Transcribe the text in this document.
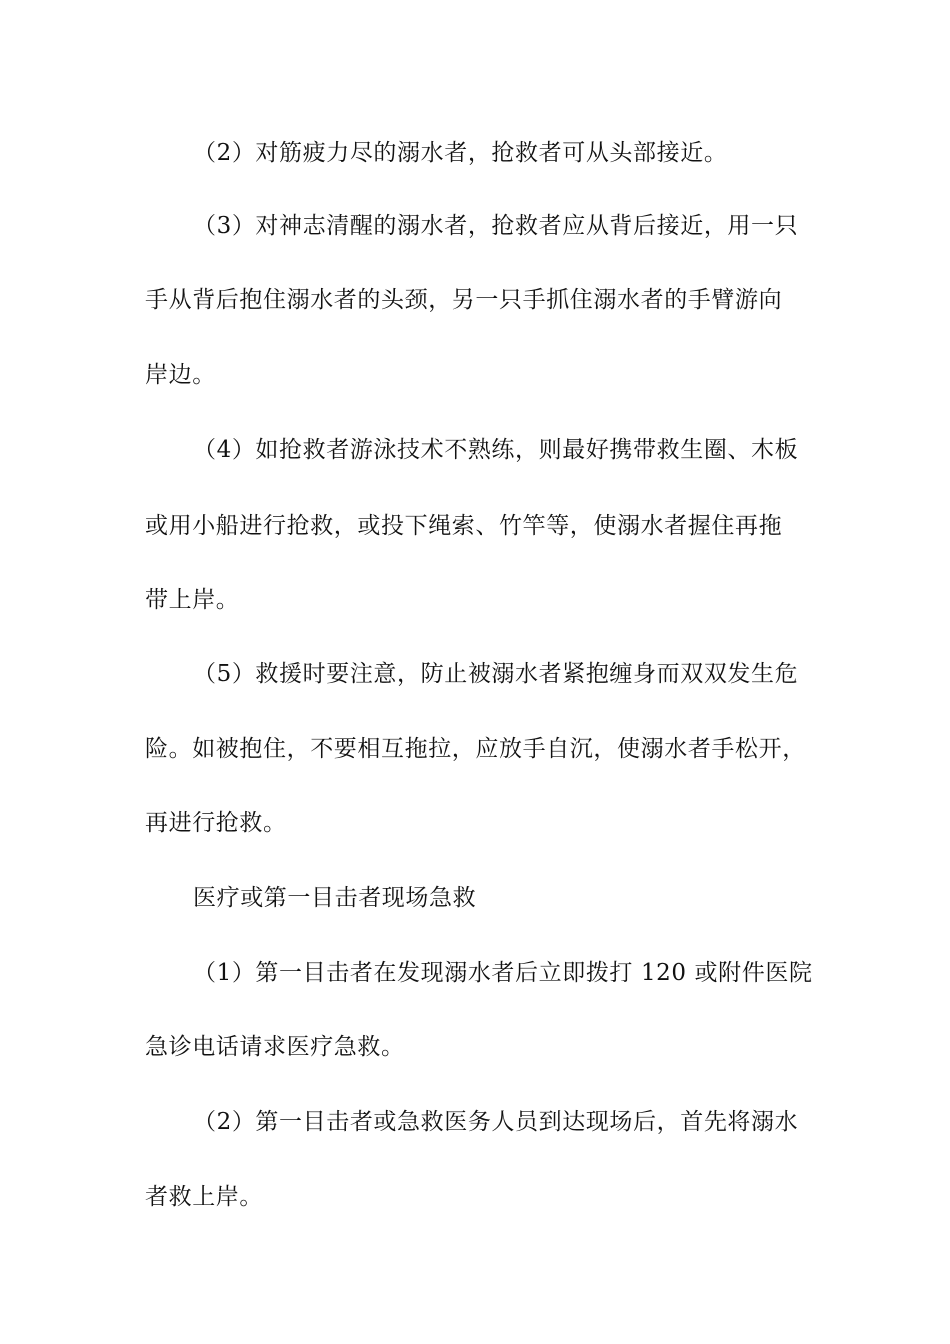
（2）对筋疲力尽的溺水者，抢救者可从头部接近。
（3）对神志清醒的溺水者，抢救者应从背后接近，用一只
手从背后抱住溺水者的头颈，另一只手抓住溺水者的手臂游向
岸边。
（4）如抢救者游泳技术不熟练，则最好携带救生圈、木板
或用小船进行抢救，或投下绳索、竹竿等，使溺水者握住再拖
带上岸。
（5）救援时要注意，防止被溺水者紧抱缠身而双双发生危
险。如被抱住，不要相互拖拉，应放手自沉，使溺水者手松开，
再进行抢救。
医疗或第一目击者现场急救
（1）第一目击者在发现溺水者后立即拨打 120 或附件医院
急诊电话请求医疗急救。
（2）第一目击者或急救医务人员到达现场后，首先将溺水
者救上岸。
